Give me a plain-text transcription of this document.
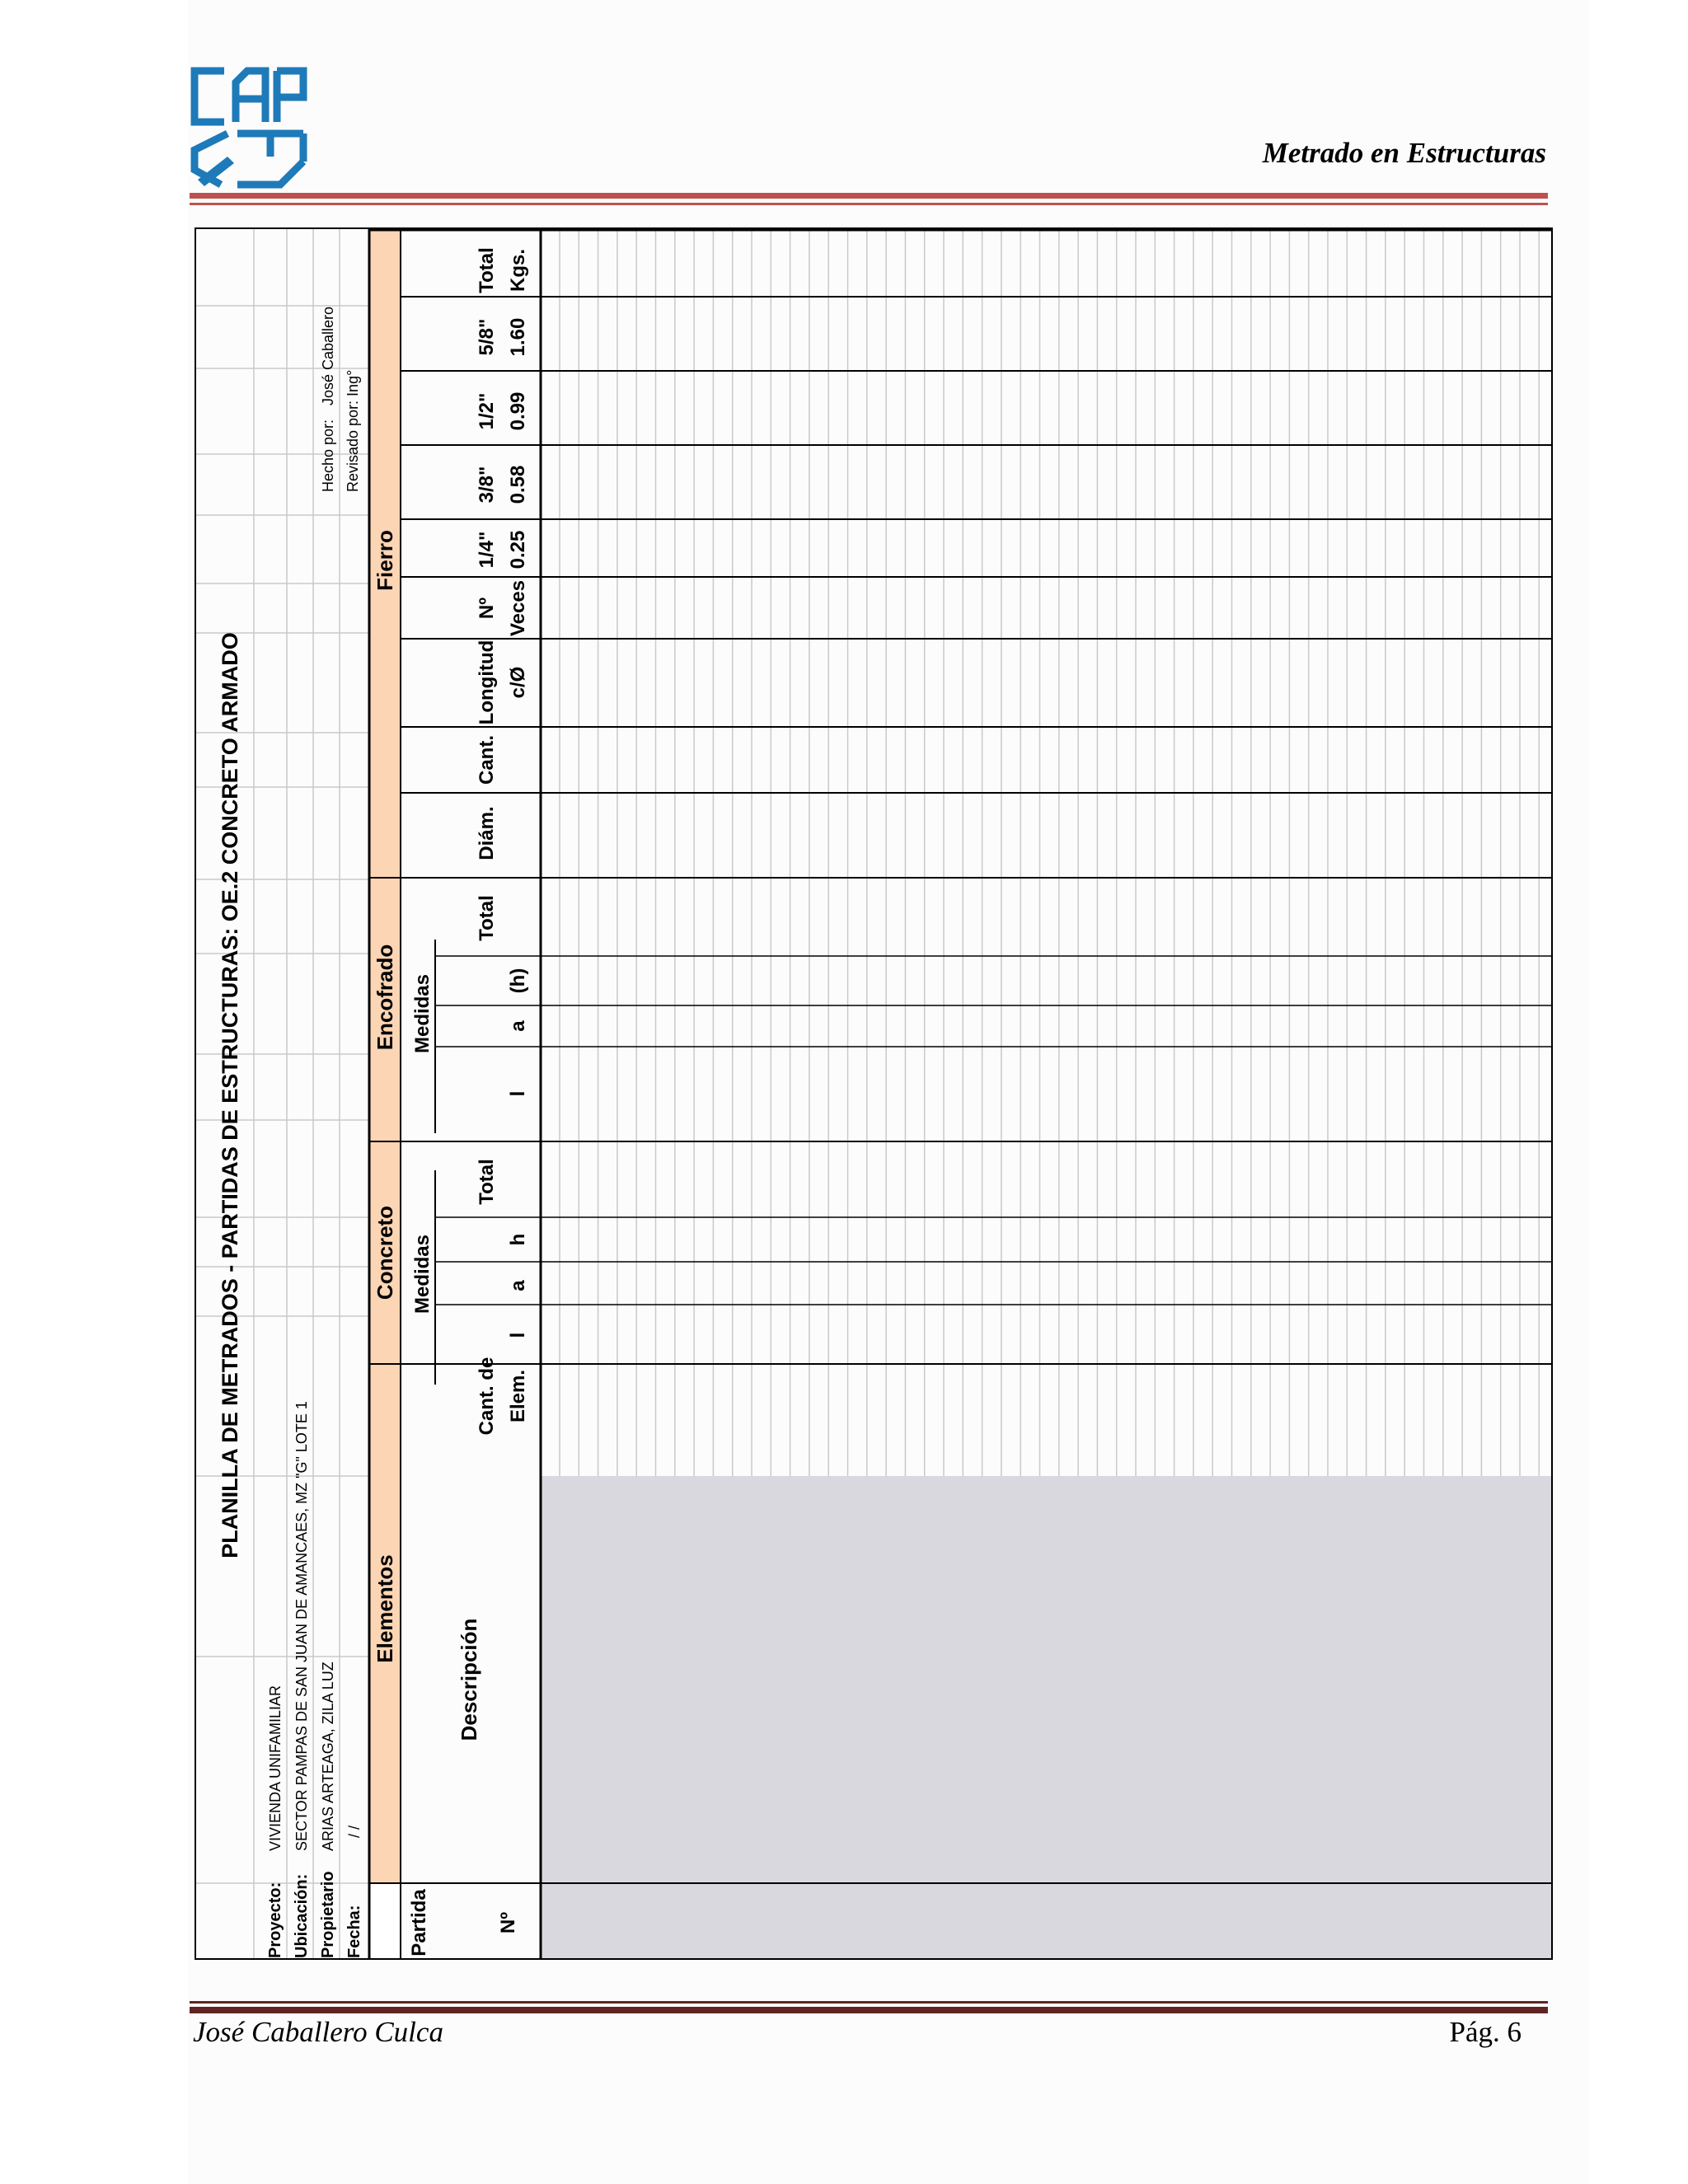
Metrado en Estructuras
PLANILLA DE METRADOS - PARTIDAS DE ESTRUCTURAS: OE.2 CONCRETO ARMADO
Proyecto:
VIVIENDA UNIFAMILIAR
Ubicación:
SECTOR PAMPAS DE SAN JUAN DE AMANCAES, MZ "G" LOTE 1
Propietario
ARIAS ARTEAGA, ZILA LUZ
Fecha:
/ /
Hecho por:
José Caballero
Revisado por: Ing°
Partida
Elementos
Concreto
Encofrado
Fierro
Nº
Descripción
Cant. de Elem.
Medidas
l
a
h
Total
Medidas
l
a
(h)
Total
Diám.
Cant.
Longitud c/Ø
Nº Veces
1/4" 0.25
3/8" 0.58
1/2" 0.99
5/8" 1.60
Total Kgs.
José Caballero Culca	Pág. 6
